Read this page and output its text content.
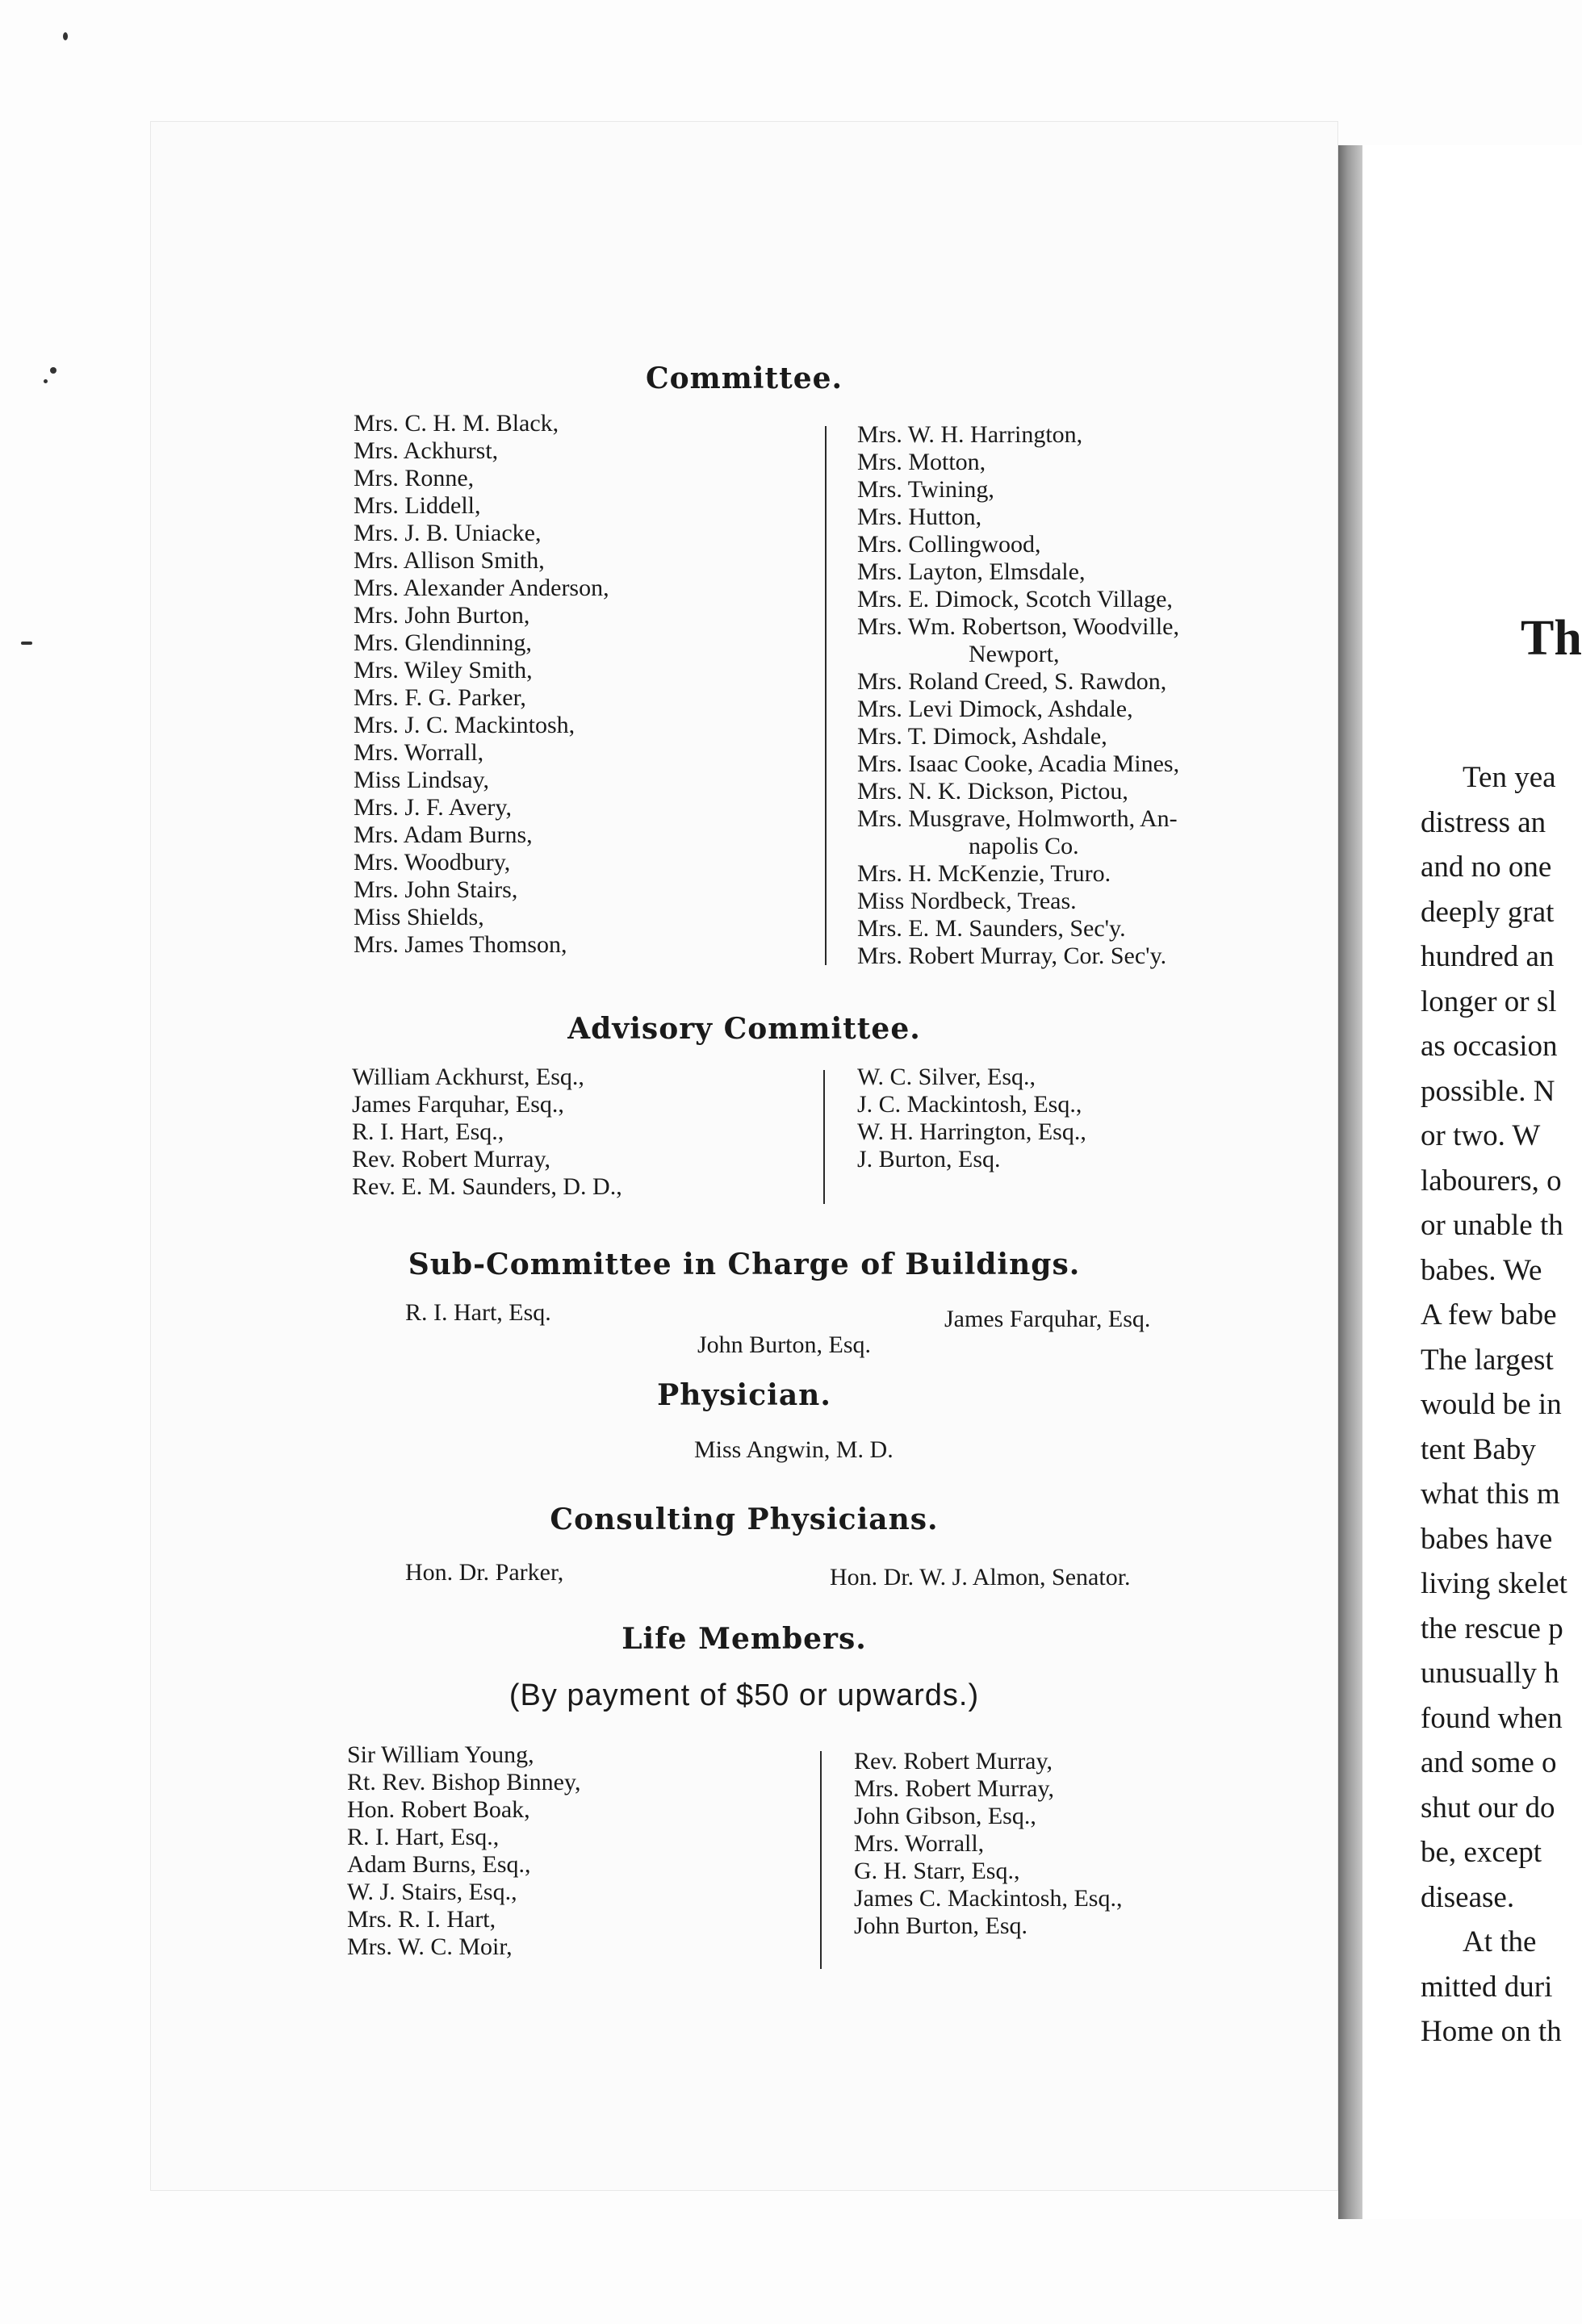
Committee.
Mrs. C. H. M. Black,
Mrs. Ackhurst,
Mrs. Ronne,
Mrs. Liddell,
Mrs. J. B. Uniacke,
Mrs. Allison Smith,
Mrs. Alexander Anderson,
Mrs. John Burton,
Mrs. Glendinning,
Mrs. Wiley Smith,
Mrs. F. G. Parker,
Mrs. J. C. Mackintosh,
Mrs. Worrall,
Miss Lindsay,
Mrs. J. F. Avery,
Mrs. Adam Burns,
Mrs. Woodbury,
Mrs. John Stairs,
Miss Shields,
Mrs. James Thomson,
Mrs. W. H. Harrington,
Mrs. Motton,
Mrs. Twining,
Mrs. Hutton,
Mrs. Collingwood,
Mrs. Layton, Elmsdale,
Mrs. E. Dimock, Scotch Village,
Mrs. Wm. Robertson, Woodville,
Newport,
Mrs. Roland Creed, S. Rawdon,
Mrs. Levi Dimock, Ashdale,
Mrs. T. Dimock, Ashdale,
Mrs. Isaac Cooke, Acadia Mines,
Mrs. N. K. Dickson, Pictou,
Mrs. Musgrave, Holmworth, An-
napolis Co.
Mrs. H. McKenzie, Truro.
Miss Nordbeck, Treas.
Mrs. E. M. Saunders, Sec'y.
Mrs. Robert Murray, Cor. Sec'y.
Advisory Committee.
William Ackhurst, Esq.,
James Farquhar, Esq.,
R. I. Hart, Esq.,
Rev. Robert Murray,
Rev. E. M. Saunders, D. D.,
W. C. Silver, Esq.,
J. C. Mackintosh, Esq.,
W. H. Harrington, Esq.,
J. Burton, Esq.
Sub-Committee in Charge of Buildings.
R. I. Hart, Esq.	James Farquhar, Esq.
John Burton, Esq.
Physician.
Miss Angwin, M. D.
Consulting Physicians.
Hon. Dr. Parker,	Hon. Dr. W. J. Almon, Senator.
Life Members.
(By payment of $50 or upwards.)
Sir William Young,
Rt. Rev. Bishop Binney,
Hon. Robert Boak,
R. I. Hart, Esq.,
Adam Burns, Esq.,
W. J. Stairs, Esq.,
Mrs. R. I. Hart,
Mrs. W. C. Moir,
Rev. Robert Murray,
Mrs. Robert Murray,
John Gibson, Esq.,
Mrs. Worrall,
G. H. Starr, Esq.,
James C. Mackintosh, Esq.,
John Burton, Esq.
Th
Ten yea
distress an
and no one
deeply grat
hundred an
longer or sl
as occasion
possible. N
or two. W
labourers, o
or unable th
babes. We
A few babe
The largest
would be in
tent Baby
what this m
babes have
living skelet
the rescue p
unusually h
found when
and some o
shut our do
be, except
disease.
At the
mitted duri
Home on th
